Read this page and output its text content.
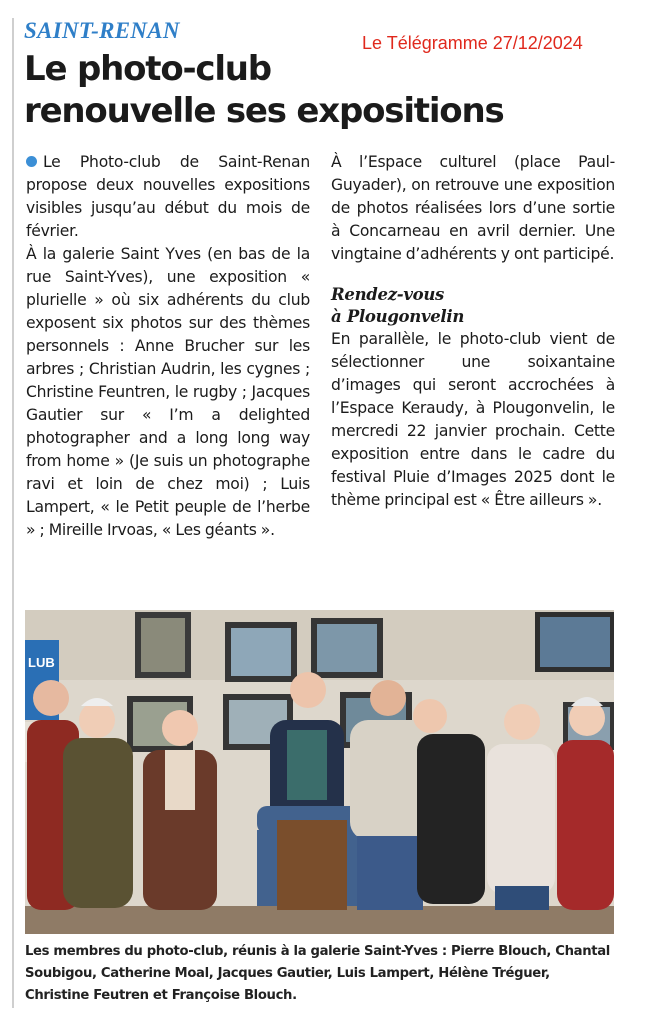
SAINT-RENAN	Le Télégramme 27/12/2024
Le photo-club
renouvelle ses expositions

Le Photo-club de Saint-Renan propose deux nouvelles expositions visibles jusqu’au début du mois de février.

À la galerie Saint Yves (en bas de la rue Saint-Yves), une exposition « plurielle » où six adhérents du club exposent six photos sur des thèmes personnels : Anne Brucher sur les arbres ; Christian Audrin, les cygnes ; Christine Feuntren, le rugby ; Jacques Gautier sur « I’m a delighted photographer and a long long way from home » (Je suis un photographe ravi et loin de chez moi) ; Luis Lampert, « le Petit peuple de l’herbe » ; Mireille Irvoas, « Les géants ».

À l’Espace culturel (place Paul-Guyader), on retrouve une exposition de photos réalisées lors d’une sortie à Concarneau en avril dernier. Une vingtaine d’adhérents y ont participé.

Rendez-vous
à Plougonvelin

En parallèle, le photo-club vient de sélectionner une soixantaine d’images qui seront accrochées à l’Espace Keraudy, à Plougonvelin, le mercredi 22 janvier prochain. Cette exposition entre dans le cadre du festival Pluie d’Images 2025 dont le thème principal est « Être ailleurs ».

LUB
Les membres du photo-club, réunis à la galerie Saint-Yves : Pierre Blouch, Chantal Soubigou, Catherine Moal, Jacques Gautier, Luis Lampert, Hélène Tréguer, Christine Feutren et Françoise Blouch.
